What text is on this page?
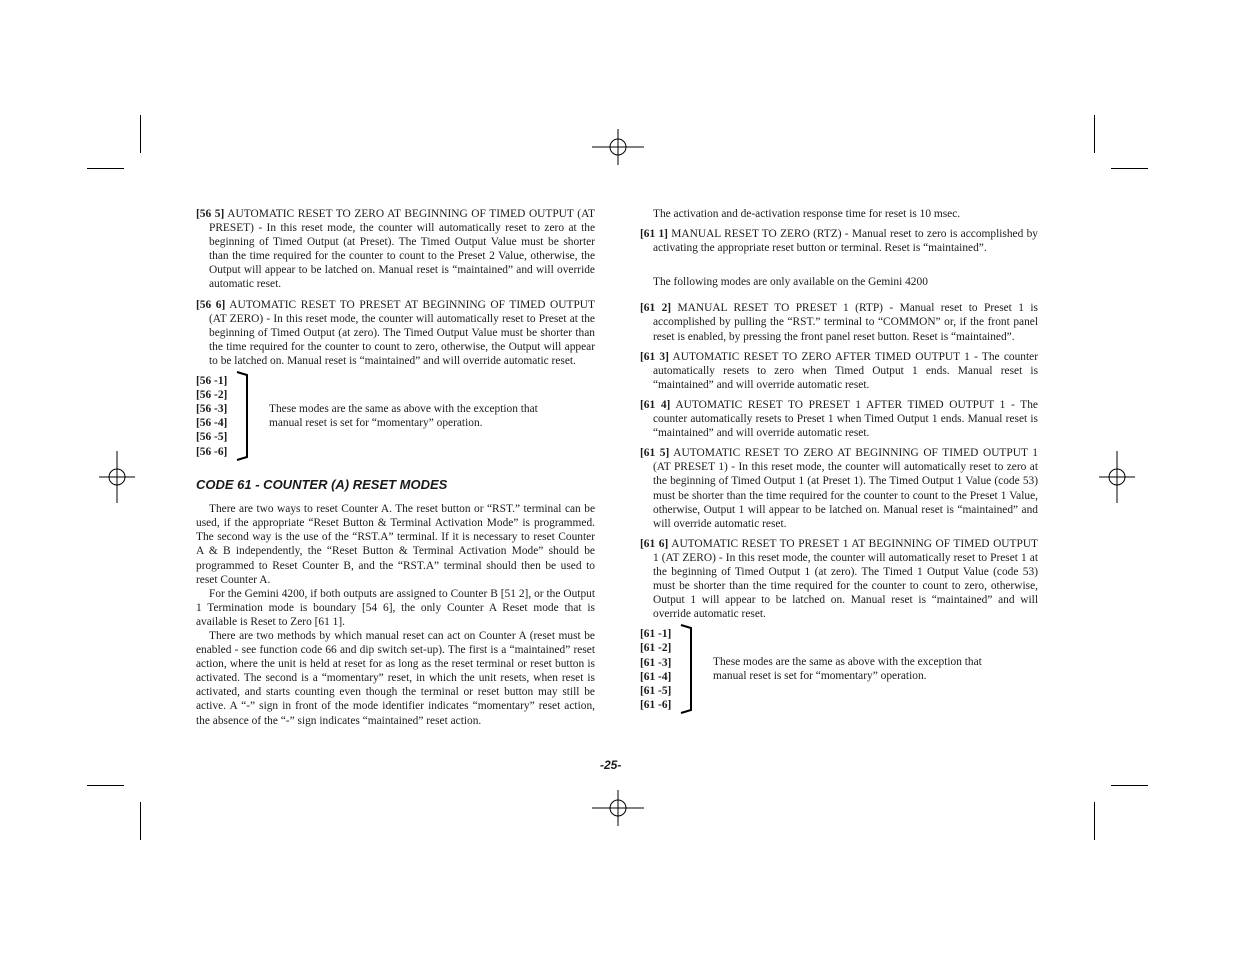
[56 5] AUTOMATIC RESET TO ZERO AT BEGINNING OF TIMED OUTPUT (AT PRESET) - In this reset mode, the counter will automatically reset to zero at the beginning of Timed Output (at Preset). The Timed Output Value must be shorter than the time required for the counter to count to the Preset 2 Value, otherwise, the Output will appear to be latched on. Manual reset is “maintained” and will override automatic reset.

[56 6] AUTOMATIC RESET TO PRESET AT BEGINNING OF TIMED OUTPUT (AT ZERO) - In this reset mode, the counter will automatically reset to Preset at the beginning of Timed Output (at zero). The Timed Output Value must be shorter than the time required for the counter to count to zero, otherwise, the Output will appear to be latched on. Manual reset is “maintained” and will override automatic reset.

[56 -1]
[56 -2]
[56 -3]
[56 -4]
[56 -5]
[56 -6]
These modes are the same as above with the exception that manual reset is set for “momentary” operation.
CODE 61 - COUNTER (A) RESET MODES

There are two ways to reset Counter A. The reset button or “RST.” terminal can be used, if the appropriate “Reset Button & Terminal Activation Mode” is programmed. The second way is the use of the “RST.A” terminal. If it is necessary to reset Counter A & B independently, the “Reset Button & Terminal Activation Mode” should be programmed to Reset Counter B, and the “RST.A” terminal should then be used to reset Counter A.

For the Gemini 4200, if both outputs are assigned to Counter B [51 2], or the Output 1 Termination mode is boundary [54 6], the only Counter A Reset mode that is available is Reset to Zero [61 1].

There are two methods by which manual reset can act on Counter A (reset must be enabled - see function code 66 and dip switch set-up). The first is a “maintained” reset action, where the unit is held at reset for as long as the reset terminal or reset button is activated. The second is a “momentary” reset, in which the unit resets, when reset is activated, and starts counting even though the terminal or reset button may still be active. A “-” sign in front of the mode identifier indicates “momentary” reset action, the absence of the “-” sign indicates “maintained” reset action.

The activation and de-activation response time for reset is 10 msec.

[61 1] MANUAL RESET TO ZERO (RTZ) - Manual reset to zero is accomplished by activating the appropriate reset button or terminal. Reset is “maintained”.

The following modes are only available on the Gemini 4200

[61 2] MANUAL RESET TO PRESET 1 (RTP) - Manual reset to Preset 1 is accomplished by pulling the “RST.” terminal to “COMMON” or, if the front panel reset is enabled, by pressing the front panel reset button. Reset is “maintained”.

[61 3] AUTOMATIC RESET TO ZERO AFTER TIMED OUTPUT 1 - The counter automatically resets to zero when Timed Output 1 ends. Manual reset is “maintained” and will override automatic reset.

[61 4] AUTOMATIC RESET TO PRESET 1 AFTER TIMED OUTPUT 1 - The counter automatically resets to Preset 1 when Timed Output 1 ends. Manual reset is “maintained” and will override automatic reset.

[61 5] AUTOMATIC RESET TO ZERO AT BEGINNING OF TIMED OUTPUT 1 (AT PRESET 1) - In this reset mode, the counter will automatically reset to zero at the beginning of Timed Output 1 (at Preset 1). The Timed Output 1 Value (code 53) must be shorter than the time required for the counter to count to the Preset 1 Value, otherwise, Output 1 will appear to be latched on. Manual reset is “maintained” and will override automatic reset.

[61 6] AUTOMATIC RESET TO PRESET 1 AT BEGINNING OF TIMED OUTPUT 1 (AT ZERO) - In this reset mode, the counter will automatically reset to Preset 1 at the beginning of Timed Output 1 (at zero). The Timed 1 Output Value (code 53) must be shorter than the time required for the counter to count to zero, otherwise, Output 1 will appear to be latched on. Manual reset is “maintained” and will override automatic reset.

[61 -1]
[61 -2]
[61 -3]
[61 -4]
[61 -5]
[61 -6]
These modes are the same as above with the exception that manual reset is set for “momentary” operation.
-25-
